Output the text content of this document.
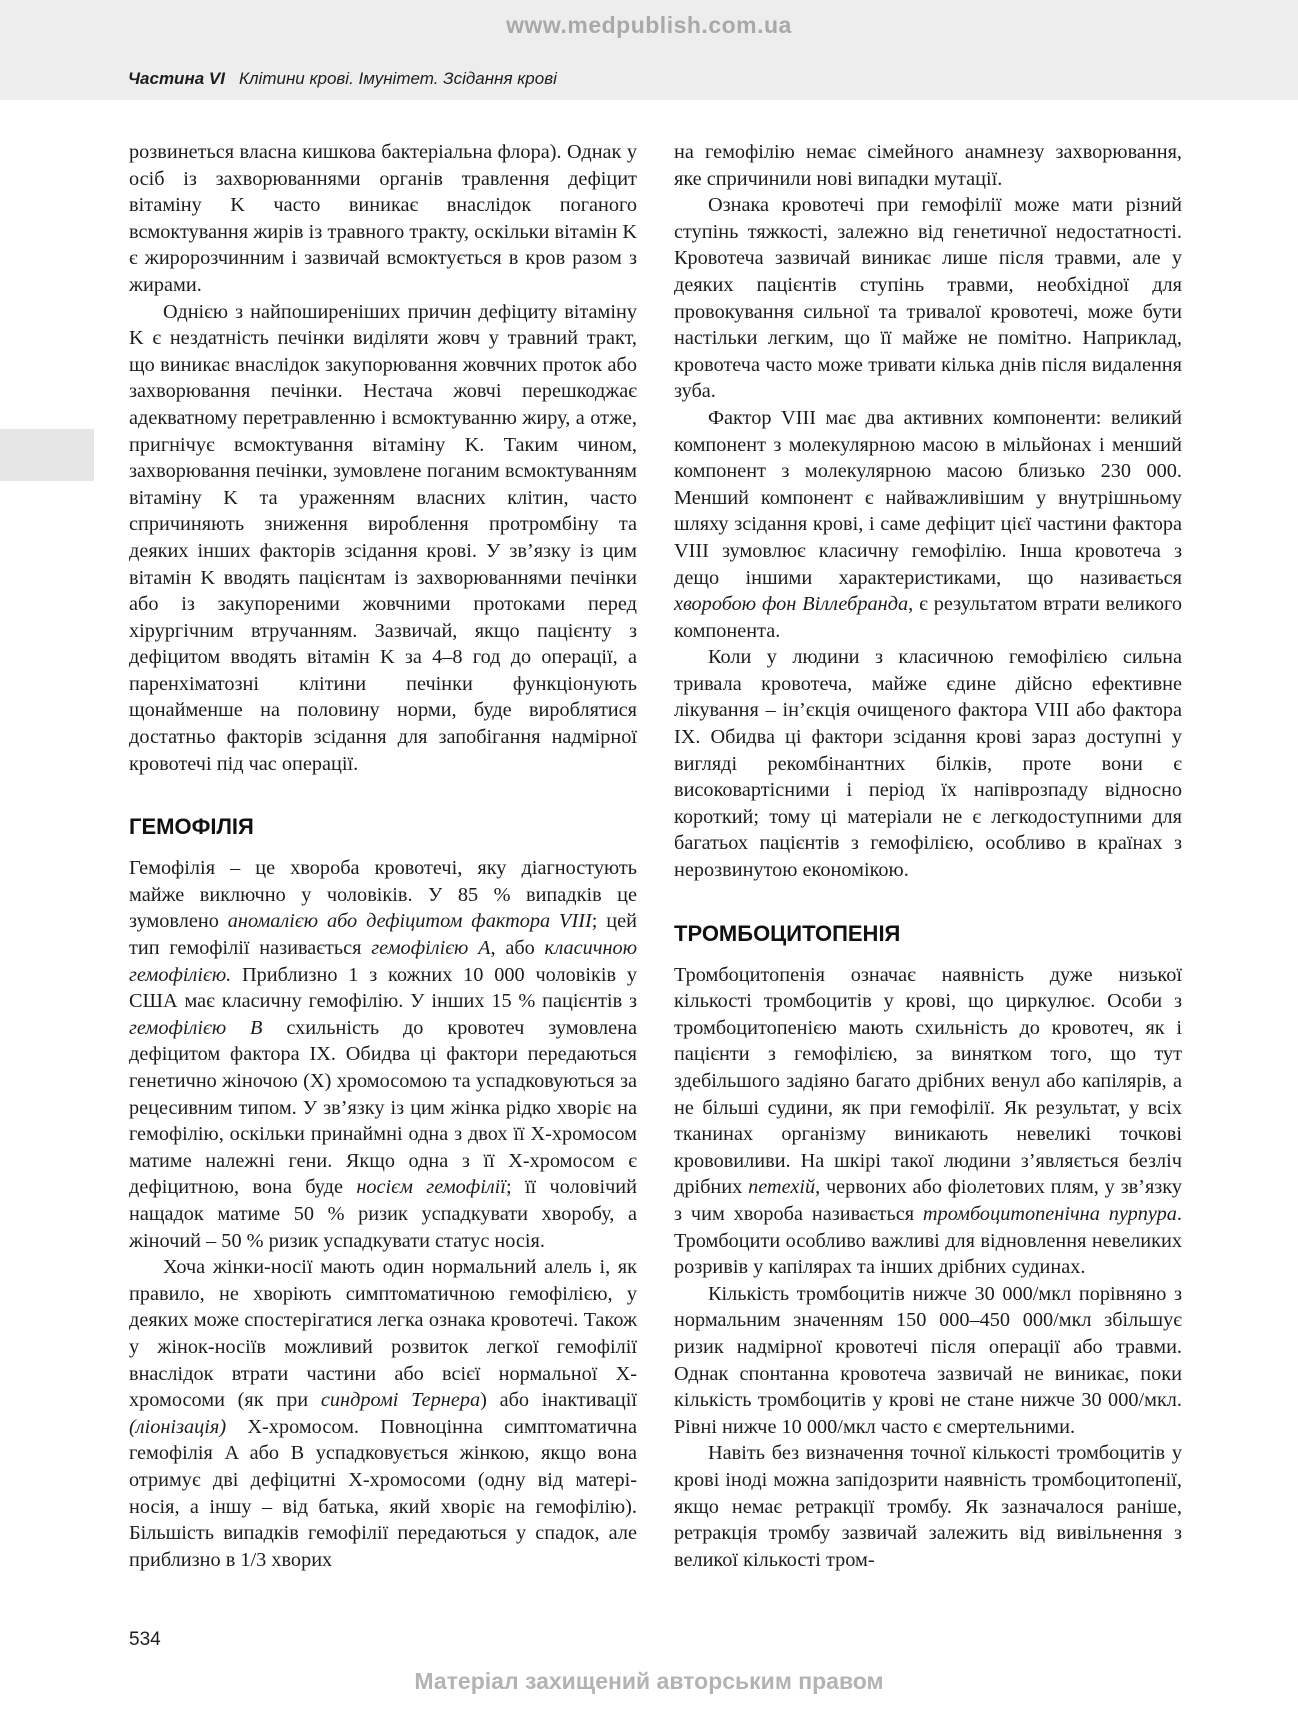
www.medpublish.com.ua
Частина VI Клітини крові. Імунітет. Зсідання крові

розвинеться власна кишкова бактеріальна флора). Однак у осіб із захворюваннями органів травлення дефіцит вітаміну K часто виникає внаслідок поганого всмоктування жирів із травного тракту, оскільки вітамін K є жиророзчинним і зазвичай всмоктується в кров разом з жирами.

Однією з найпоширеніших причин дефіциту вітаміну K є нездатність печінки виділяти жовч у травний тракт, що виникає внаслідок закупорювання жовчних проток або захворювання печінки. Нестача жовчі перешкоджає адекватному перетравленню і всмоктуванню жиру, а отже, пригнічує всмоктування вітаміну K. Таким чином, захворювання печінки, зумовлене поганим всмоктуванням вітаміну K та ураженням власних клітин, часто спричиняють зниження вироблення протромбіну та деяких інших факторів зсідання крові. У зв’язку із цим вітамін K вводять пацієнтам із захворюваннями печінки або із закупореними жовчними протоками перед хірургічним втручанням. Зазвичай, якщо пацієнту з дефіцитом вводять вітамін K за 4–8 год до операції, а паренхіматозні клітини печінки функціонують щонайменше на половину норми, буде вироблятися достатньо факторів зсідання для запобігання надмірної кровотечі під час операції.

ГЕМОФІЛІЯ

Гемофілія – це хвороба кровотечі, яку діагностують майже виключно у чоловіків. У 85 % випадків це зумовлено аномалією або дефіцитом фактора VIII; цей тип гемофілії називається гемофілією A, або класичною гемофілією. Приблизно 1 з кожних 10 000 чоловіків у США має класичну гемофілію. У інших 15 % пацієнтів з гемофілією B схильність до кровотеч зумовлена дефіцитом фактора IX. Обидва ці фактори передаються генетично жіночою (X) хромосомою та успадковуються за рецесивним типом. У зв’язку із цим жінка рідко хворіє на гемофілію, оскільки принаймні одна з двох її X-хромосом матиме належні гени. Якщо одна з її X-хромосом є дефіцитною, вона буде носієм гемофілії; її чоловічий нащадок матиме 50 % ризик успадкувати хворобу, а жіночий – 50 % ризик успадкувати статус носія.

Хоча жінки-носії мають один нормальний алель і, як правило, не хворіють симптоматичною гемофілією, у деяких може спостерігатися легка ознака кровотечі. Також у жінок-носіїв можливий розвиток легкої гемофілії внаслідок втрати частини або всієї нормальної X-хромосоми (як при синдромі Тернера) або інактивації (ліонізація) X-хромосом. Повноцінна симптоматична гемофілія A або B успадковується жінкою, якщо вона отримує дві дефіцитні X-хромосоми (одну від матері-носія, а іншу – від батька, який хворіє на гемофілію). Більшість випадків гемофілії передаються у спадок, але приблизно в 1/3 хворих

на гемофілію немає сімейного анамнезу захворювання, яке спричинили нові випадки мутації.

Ознака кровотечі при гемофілії може мати різний ступінь тяжкості, залежно від генетичної недостатності. Кровотеча зазвичай виникає лише після травми, але у деяких пацієнтів ступінь травми, необхідної для провокування сильної та тривалої кровотечі, може бути настільки легким, що її майже не помітно. Наприклад, кровотеча часто може тривати кілька днів після видалення зуба.

Фактор VIII має два активних компоненти: великий компонент з молекулярною масою в мільйонах і менший компонент з молекулярною масою близько 230 000. Менший компонент є найважливішим у внутрішньому шляху зсідання крові, і саме дефіцит цієї частини фактора VIII зумовлює класичну гемофілію. Інша кровотеча з дещо іншими характеристиками, що називається хворобою фон Віллебранда, є результатом втрати великого компонента.

Коли у людини з класичною гемофілією сильна тривала кровотеча, майже єдине дійсно ефективне лікування – ін’єкція очищеного фактора VIII або фактора IX. Обидва ці фактори зсідання крові зараз доступні у вигляді рекомбінантних білків, проте вони є високовартісними і період їх напіврозпаду відносно короткий; тому ці матеріали не є легкодоступними для багатьох пацієнтів з гемофілією, особливо в країнах з нерозвинутою економікою.

ТРОМБОЦИТОПЕНІЯ

Тромбоцитопенія означає наявність дуже низької кількості тромбоцитів у крові, що циркулює. Особи з тромбоцитопенією мають схильність до кровотеч, як і пацієнти з гемофілією, за винятком того, що тут здебільшого задіяно багато дрібних венул або капілярів, а не більші судини, як при гемофілії. Як результат, у всіх тканинах організму виникають невеликі точкові крововиливи. На шкірі такої людини з’являється безліч дрібних петехій, червоних або фіолетових плям, у зв’язку з чим хвороба називається тромбоцитопенічна пурпура. Тромбоцити особливо важливі для відновлення невеликих розривів у капілярах та інших дрібних судинах.

Кількість тромбоцитів нижче 30 000/мкл порівняно з нормальним значенням 150 000–450 000/мкл збільшує ризик надмірної кровотечі після операції або травми. Однак спонтанна кровотеча зазвичай не виникає, поки кількість тромбоцитів у крові не стане нижче 30 000/мкл. Рівні нижче 10 000/мкл часто є смертельними.

Навіть без визначення точної кількості тромбоцитів у крові іноді можна запідозрити наявність тромбоцитопенії, якщо немає ретракції тромбу. Як зазначалося раніше, ретракція тромбу зазвичай залежить від вивільнення з великої кількості тром-

534
Матеріал захищений авторським правом
